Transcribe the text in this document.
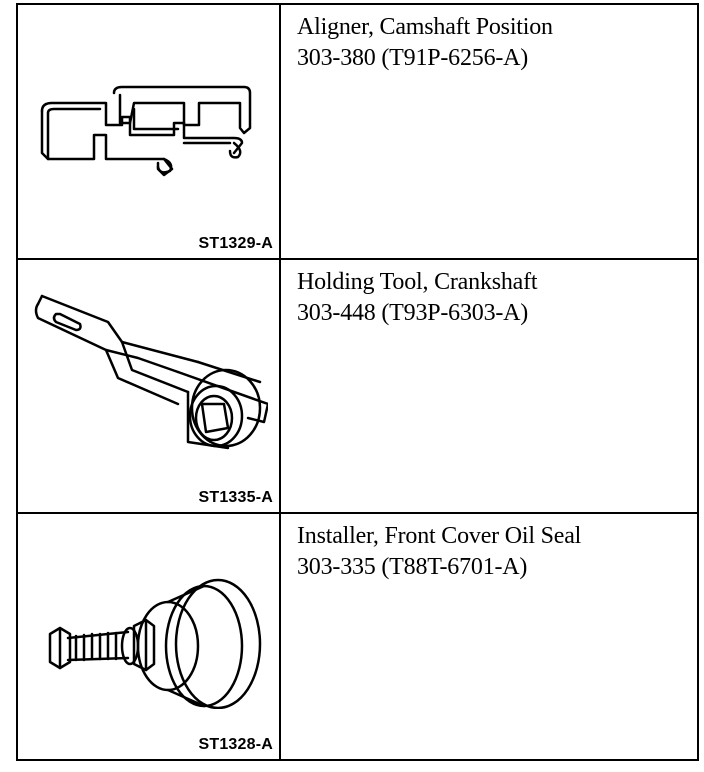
ST1329-A
Aligner, Camshaft Position
303-380 (T91P-6256-A)
ST1335-A
Holding Tool, Crankshaft
303-448 (T93P-6303-A)
ST1328-A
Installer, Front Cover Oil Seal
303-335 (T88T-6701-A)
